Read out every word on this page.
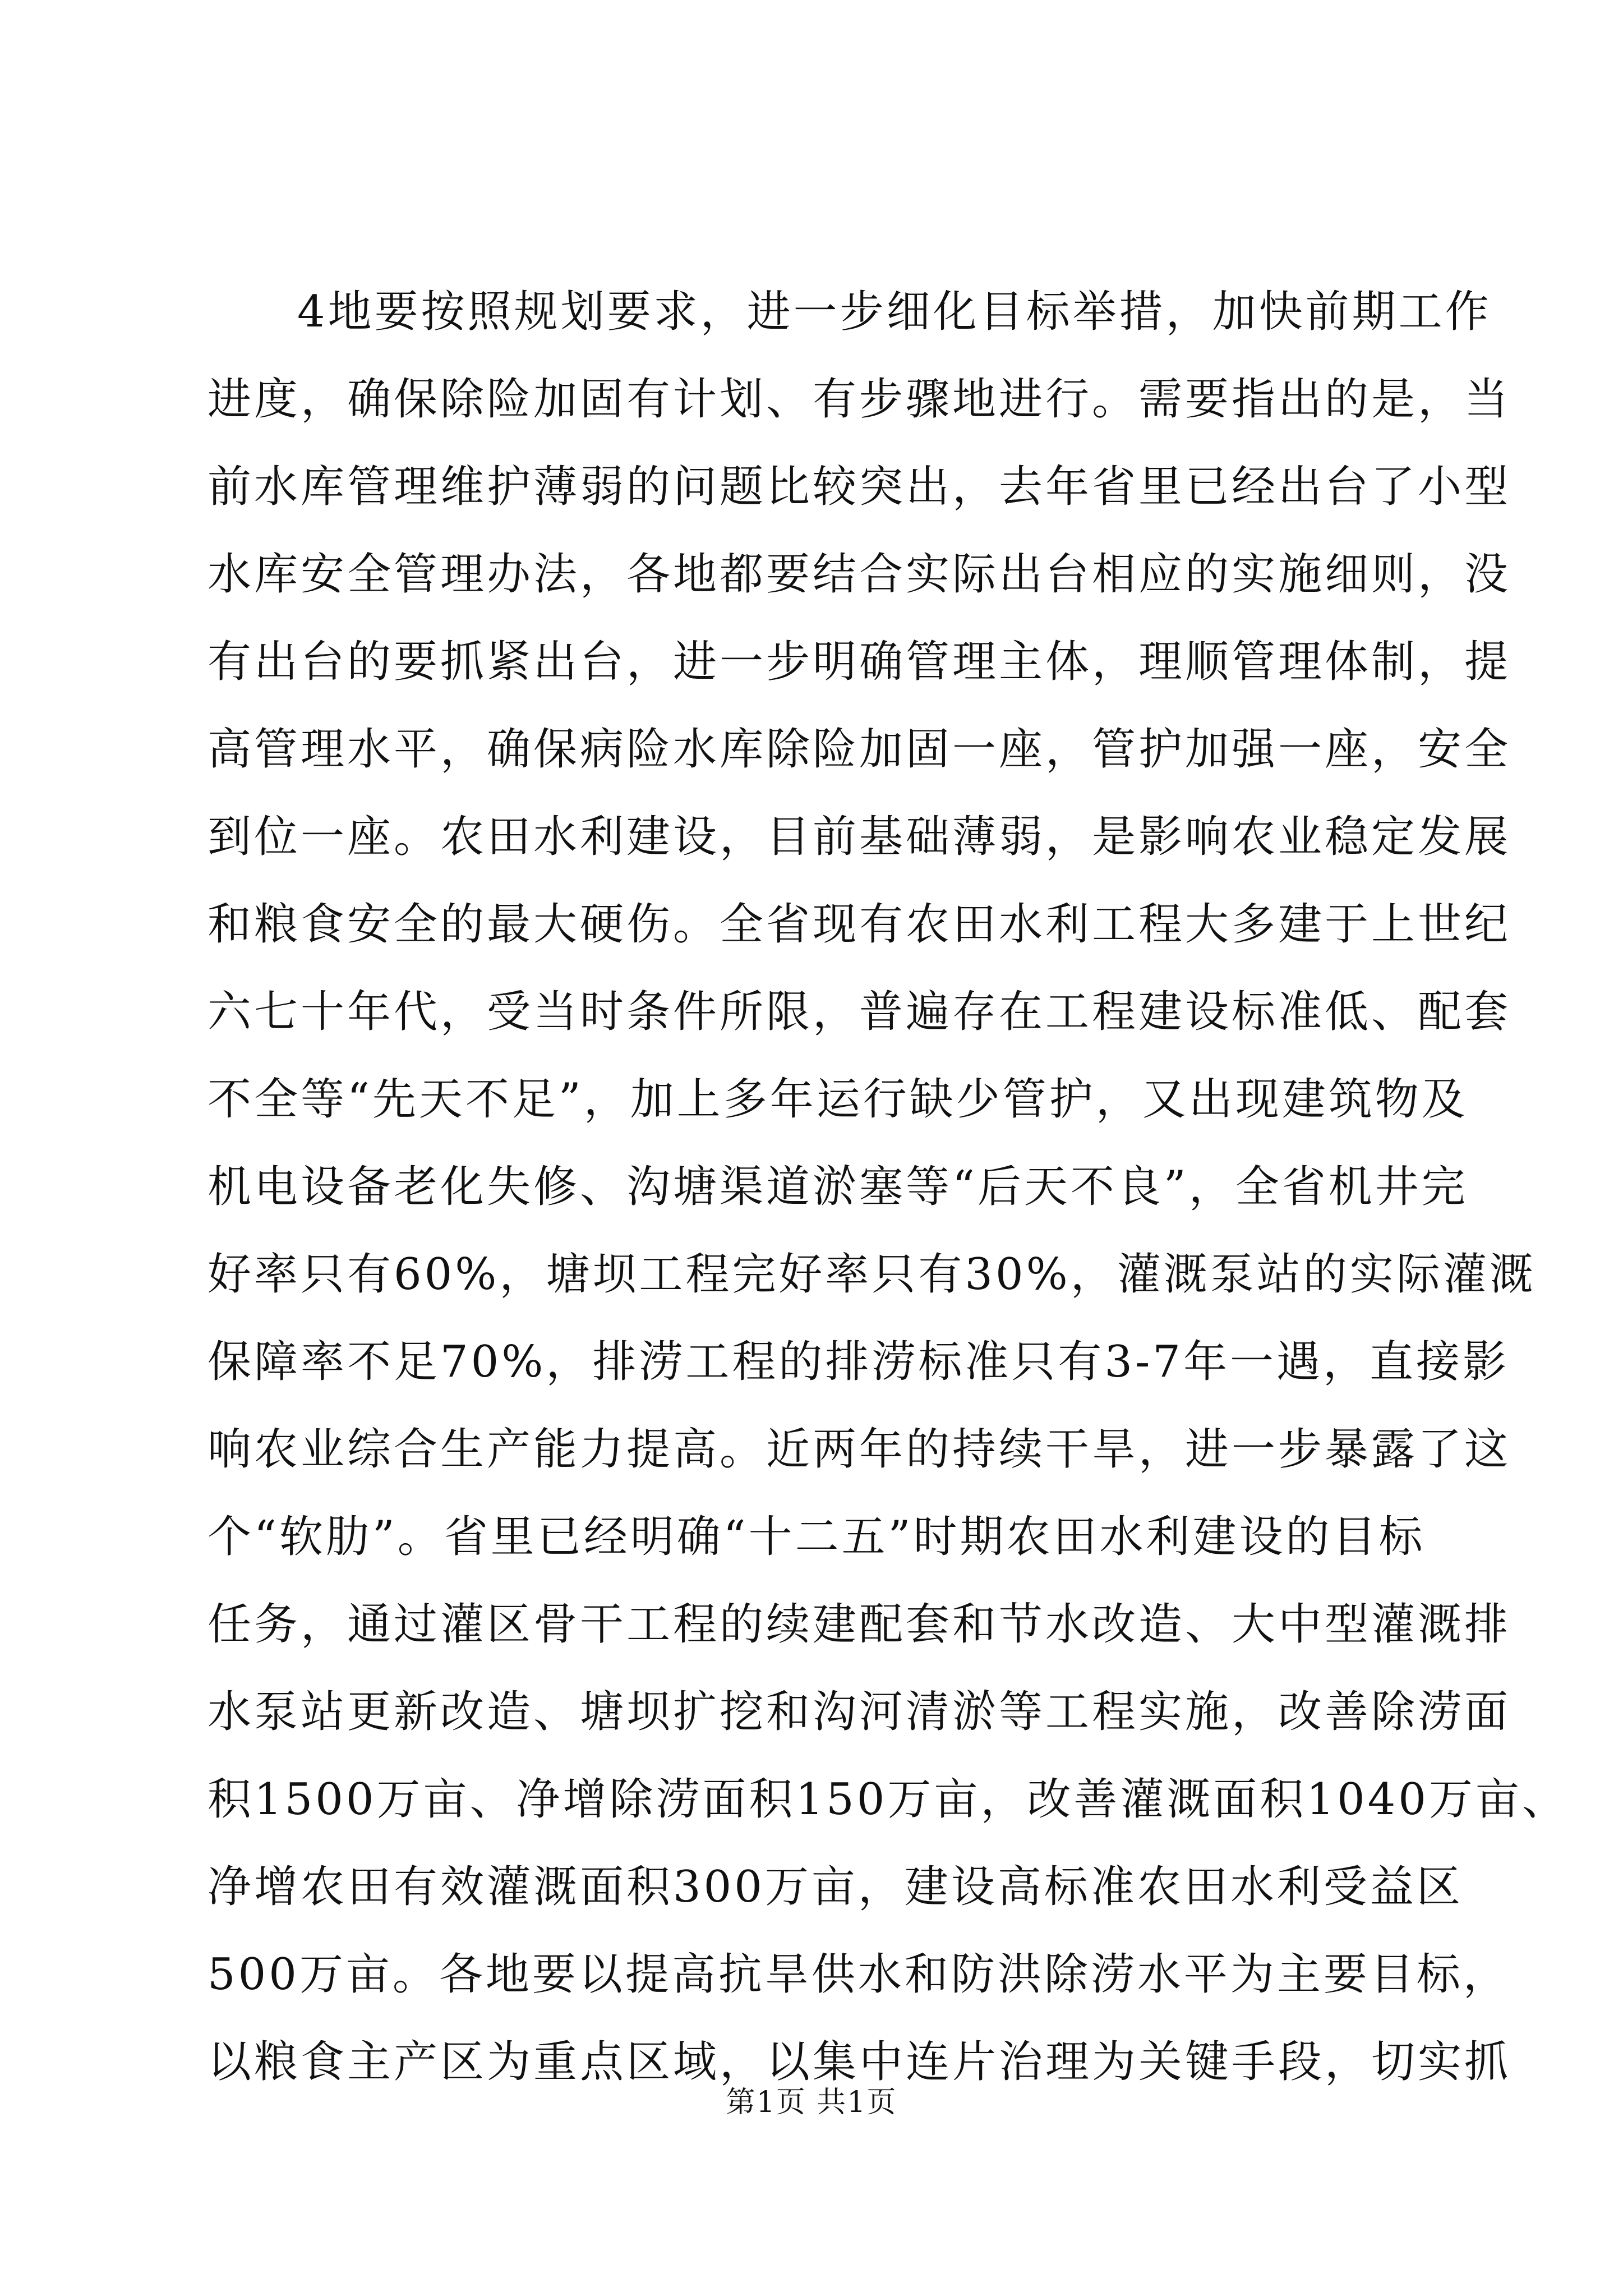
4地要按照规划要求，进一步细化目标举措，加快前期工作
进度，确保除险加固有计划、有步骤地进行。需要指出的是，当
前水库管理维护薄弱的问题比较突出，去年省里已经出台了小型
水库安全管理办法，各地都要结合实际出台相应的实施细则，没
有出台的要抓紧出台，进一步明确管理主体，理顺管理体制，提
高管理水平，确保病险水库除险加固一座，管护加强一座，安全
到位一座。农田水利建设，目前基础薄弱，是影响农业稳定发展
和粮食安全的最大硬伤。全省现有农田水利工程大多建于上世纪
六七十年代，受当时条件所限，普遍存在工程建设标准低、配套
不全等“先天不足”，加上多年运行缺少管护，又出现建筑物及
机电设备老化失修、沟塘渠道淤塞等“后天不良”，全省机井完
好率只有60%，塘坝工程完好率只有30%，灌溉泵站的实际灌溉
保障率不足70%，排涝工程的排涝标准只有3-7年一遇，直接影
响农业综合生产能力提高。近两年的持续干旱，进一步暴露了这
个“软肋”。省里已经明确“十二五”时期农田水利建设的目标
任务，通过灌区骨干工程的续建配套和节水改造、大中型灌溉排
水泵站更新改造、塘坝扩挖和沟河清淤等工程实施，改善除涝面
积1500万亩、净增除涝面积150万亩，改善灌溉面积1040万亩、
净增农田有效灌溉面积300万亩，建设高标准农田水利受益区
500万亩。各地要以提高抗旱供水和防洪除涝水平为主要目标，
以粮食主产区为重点区域，以集中连片治理为关键手段，切实抓
第1页 共1页
